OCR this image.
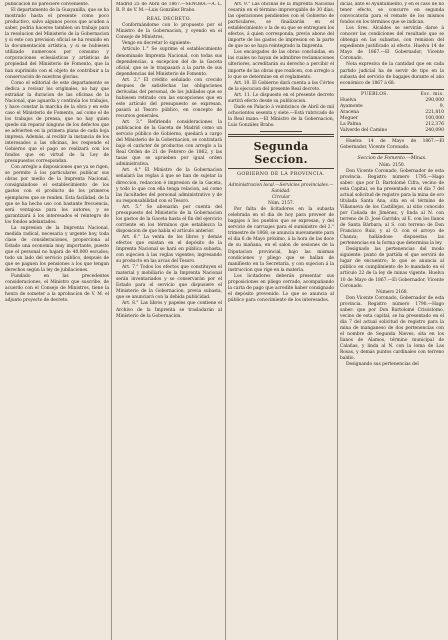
publicacion no parecíere conveniente.

El departamento de la Guayanilla, que se ha mostrado hasta el presente como poco productivo, salvo algunos pocos que acuden a saber, podria hacerse tambien un trabajo para la resolucion del Ministerio de la Gobernacion y si este con prevision oficial se ha reunido en la documentación artística, y si se hubiesen utilizado numerosos por consumo y corporaciones eclesiásticas y artísticas de propiedad del Ministerio de Fomento, que la han suprimido con el objeto de contribuir a la conservación de nuestras glorias.

Como el editorial de este departamento se dedica a revisar los originales, no hay que extrañar la duracion de las oficinas de la Nacional, que aguarda y continúa los trabajos, y hace constar la marcha de la obra y en este caso el Ministerio de Fomento, así como el de los trabajos de prensa, que no hay quien quede sin reparar ninguno de los defectos que se advierten en la primera plana de cada hoja impresa. Además, al recibir la instancia de los interesados a las oficinas, les responde el Gobierno que el pago se realizará con los fondos que en virtud de la Ley de presupuestos correspondan.

Con arreglo a disposiciones que ya se rigen, se permite á los particulares publicar sus obras por medio de la Imprenta Nacional, consignándose el establecimiento de los gastos con el producto de los primeros ejemplares que se renden. Esta facilidad, de la que se ha hecho uso con bastante frecuencia, será ventajosa para los autores, y se garantizará á los interesados el reintegro de los fondos adelantados.

La supresion de la Imprenta Nacional, medida radical, necesaria y urgente hoy, toda clase de consideraciones, proporciona al Estado una economía muy importante, puesto que el personal no bajará de 40.000 escudos; todo un lado del servicio público, después de que se paguen los pensiones a los que tengan derechos según la ley de jubilaciones.

Fundado en las precedentes consideraciones, el Ministro que suscribe, de acuerdo con el Consejo de Ministros, tiene la honra de someter a la aprobacion de V. M. el adjunto proyecto de decreto.

Madrid 25 de Abril de 1867.—SEÑORA.—A. L. R. P. de V. M.—Luis González Brabo.

REAL DECRETO.

Conformándome con lo propuesto por el Ministro de la Gobernacion, y oyendo en el Consejo de Ministros,

Vengo en decretar lo siguiente:

Artículo 1.° Se suprime el establecimiento denominado Imprenta Nacional, con todas sus dependencias, a excepcion del de la Gaceta oficial, que se le traspasará a la parte de sus dependencias del Ministerio de Fomento.

Art. 2.° El crédito señalado con crecido despues de satisfechas las obligaciones derivadas del personal, de los jubilados que se hubiesen retirado con las excepciones que en este artículo del presupuesto se expresan, pasará al Tesoro público, en concepto de recursos generales.

Art. 3.° Refiriendo consideraciones la publicacion de la Gaceta de Madrid como un servicio público de Gobierno, quedará a cargo del Ministerio de la Gobernacion, se contratará bajo el carácter de productos con arreglo a la Real Orden de 21 de Febrero de 1862, y las tasas que se aprueben por igual orden administrativa.

Art. 4.° El Ministro de la Gobernacion señalará las reglas á que se han de sujetar la direccion, redaccion é impresion de la Gaceta, y todo lo que con ella tenga relacion, asi como las facultades del personal administrativo y de su responsabilidad con el Tesoro.

Art. 5.° Se abonarán por cuenta del presupuesto del Ministerio de la Gobernacion los gastos de la Gaceta hasta el fin del ejercicio corriente en los términos que establezca la disposicion de que habla el artículo anterior.

Art. 6.° La venta de los libros y demás efectos que existan en el depósito de la Imprenta Nacional se hará en pública subasta, con sujecion á las reglas vigentes; ingresando su producto en las arcas del Tesoro.

Art. 7.° Todos los efectos que constituyen el material y mobiliario de la Imprenta Nacional serán inventariados y se conservarán por el Estado para el servicio que dispusiere el Ministerio de la Gobernacion, previa subasta, que se anunciará con la debida publicidad.

Art. 8.° Las libros y papeles que contiene el Archivo de la Imprenta se trasladarán al Ministerio de la Gobernacion.

Art. 9.° Las oficinas de la Imprenta Nacional cesarán en el término improrogable de 30 días, las operaciones pendientes con el Gobierno de particulares, se finalizarán en el establecimiento o la de su que se entreguen los efectos, á quien corresponda, previo abono del importe de los gastos de impresion en la parte de que no se haya reintegrado la Imprenta.

Los encargados de las obras concluidas, en las cuales no hayan de admitirse reclamaciones ulteriores, acreditarán su derecho a percibir el importe de las obras que realicen, con arreglo a lo que se determine en el reglamento.

Art. 10. El Gobierno dará cuenta a las Córtes de la ejecucion del presente Real decreto.

Art. 11. Lo dispuesto en el presente decreto surtirá efecto desde su publicacion.

Dado en Palacio á veinticinco de Abril de mil ochocientos sesenta y siete.—Está rubricado de la Real mano.—El Ministro de la Gobernacion, Luis González Brabo.

Segunda Seccion.
GOBIERNO DE LA PROVINCIA.

Administracion local.—Servicios provinciales.—Sanidad.

Circular

Núm. 2157.

Por falta de licitadores en la subasta celebrada en el dia de hoy para proveer de bagajes á los pueblos que se expresan, y del servicio de carruajes para el suministro del 2.° trimestre de 1868, se anuncia nuevamente para el dia 6 de Mayo próximo, á la hora de las doce de su mañana, en el salon de sesiones de la Diputacion provincial, bajo las mismas condiciones y pliego que se hallan de manifiesto en la Secretaría, y con sujecion á la instruccion que rige en la materia.

Los licitadores deberán presentar sus proposiciones en pliego cerrado, acompañando la carta de pago que acredite haber consignado el depósito prevenido. Lo que se anuncia al público para conocimiento de los interesados.

dicial, ante el Ayuntamiento, y en el caso de no tener efecto, se concurre en segunda convocatoria para el remate de los mismos fondos en los términos que se indican.

Los Sres. Alcaldes se servirán darse á conocer las condiciones del resultado que se obtenga en las subastas, con remision del expediente justificado al efecto. Huelva 14 de Mayo de 1867.—El Gobernador, Vicente Coronado.

Nota expresiva de la cantidad que en cada partido judicial ha de servir de tipo en la subasta del servicio de bagajes durante el año económico de 1867 á 68.

PUEBLOS.	Esc. mis.
Huelva	290,000
Ayamonte	9,
Aracena	221,810
Moguer	100,000
La Palma	212,376
Valverde del Camino	240,090

Huelva 14 de Mayo de 1867.—El Gobernador, Vicente Coronado.

Seccion de Fomento.—Minas.

Núm. 2150.

Don Vicente Coronado, Gobernador de esta provincia. Registro número 1795.—Hago saber: que por D. Bartolomé Cifra, vecino de esta Capital, se ha presentado en el dia 7 del actual solicitud de registro para la mina de oro titulada Santa Ana, sita en el término de Villanueva de los Castillejos, al sitio conocido por Cañada de Jiménez, y linda al N. con terreno de D. José Garrido; al E. con los llanos de Santa Bárbara; al S. con terreno de Don Francisco Ruiz, y al O. con el arroyo de Chanza; hallándose dispuestas las pertenencias en la forma que determina la ley.

Designado las pertenencias del modo siguiente: punto de partida el que servirá de lugar de encuentro; lo que se anuncia al público en cumplimiento de lo mandado en el artículo 22 de la ley de minas vigente. Huelva 10 de Mayo de 1867.—El Gobernador, Vicente Coronado.

Número 2168.

Don Vicente Coronado, Gobernador de esta provincia. Registro número 1790.—Hago saber: que por Don Bartolomé Crisóstomo, vecino de esta capital, se ha presentado en el dia 7 del actual solicitud de registro para la mina de manganeso de dos pertenencias con el nombre de Segunda Nieves, sita en los llanos de Alamos, término municipal de Calañas, y linda al N. con la loma de Las Rosas, y demás puntos cardinales con terreno baldío.

Designando sus pertenencias del
